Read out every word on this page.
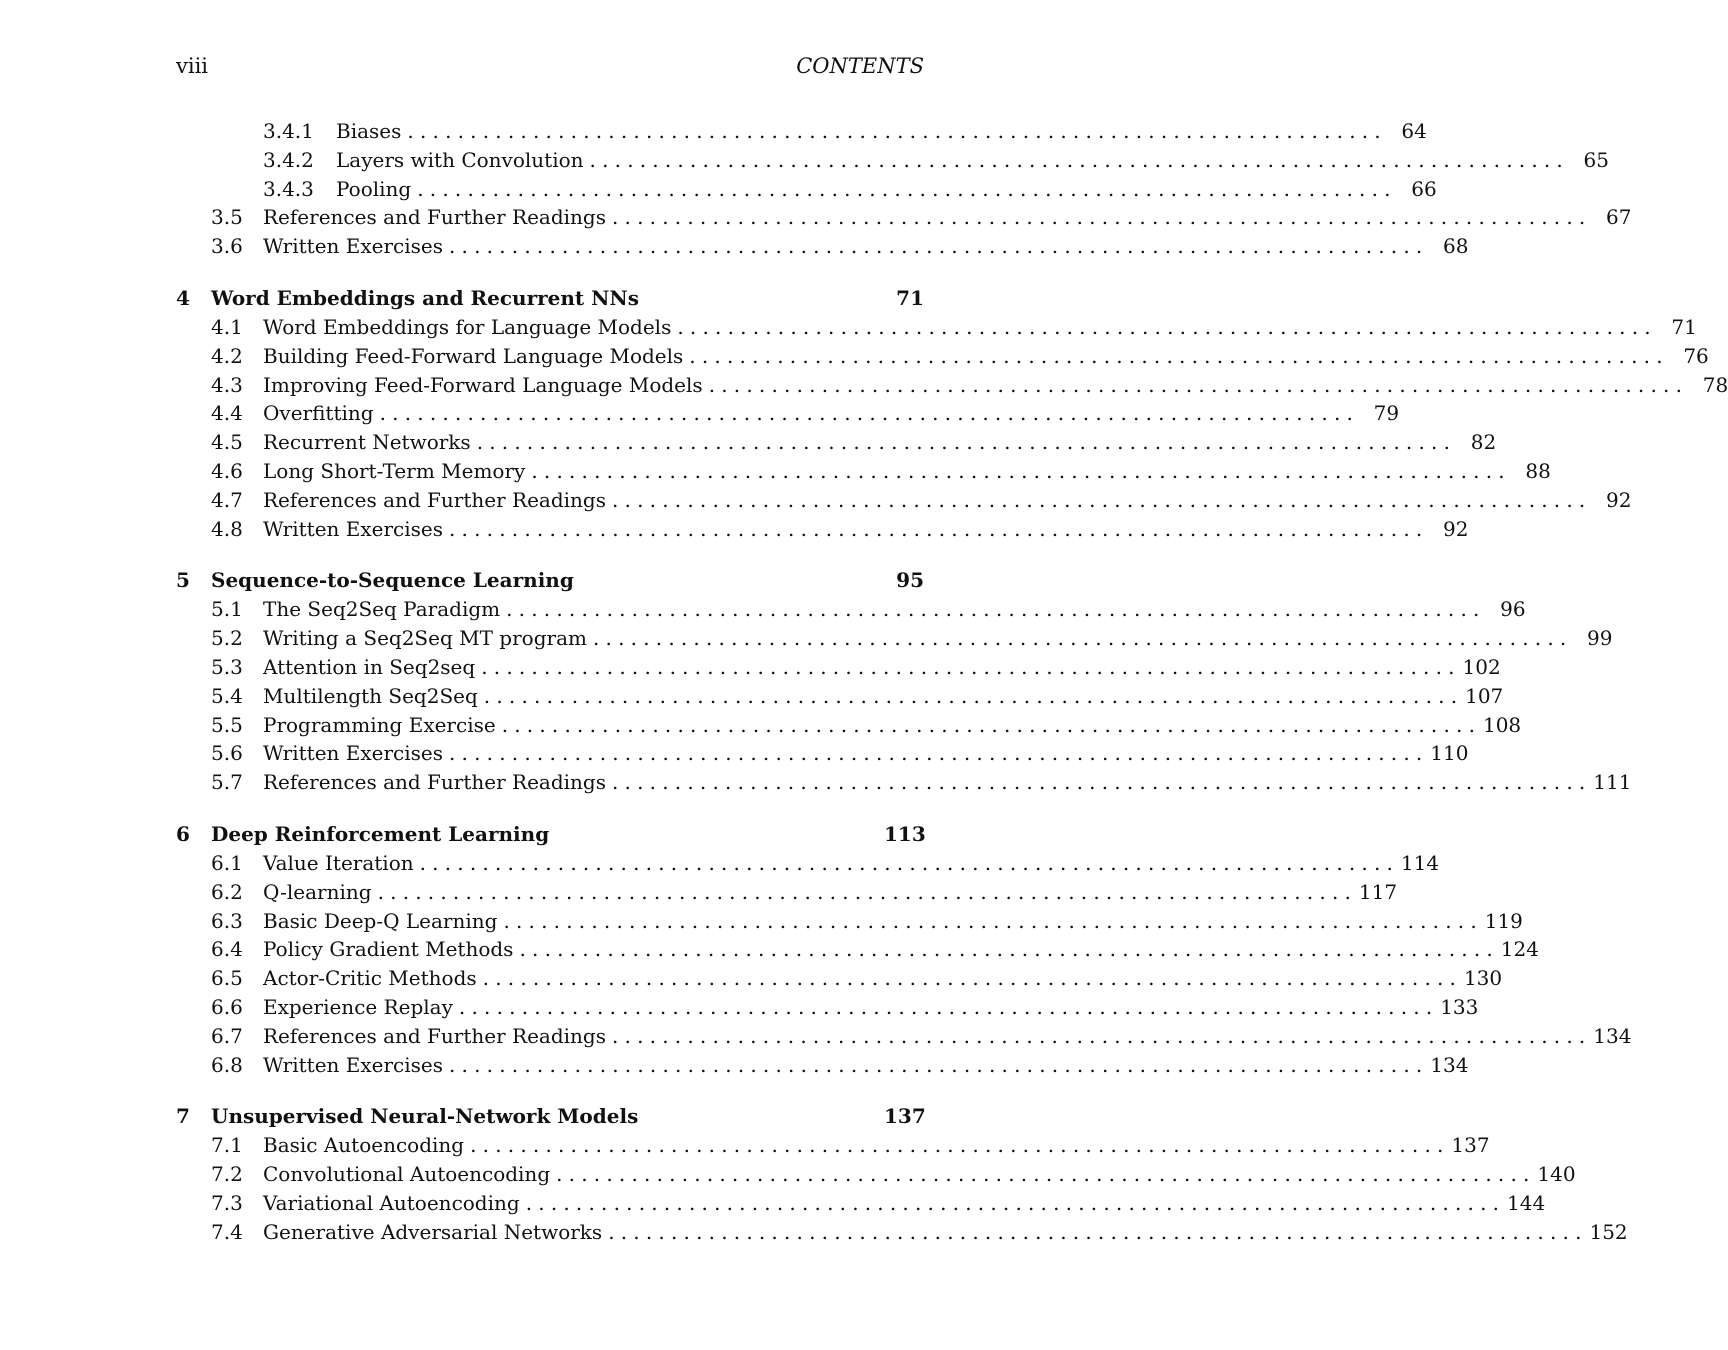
viii	CONTENTS
3.4.1 Biases .............................................................................. 64
3.4.2 Layers with Convolution .............................................................................. 65
3.4.3 Pooling .............................................................................. 66
3.5 References and Further Readings .............................................................................. 67
3.6 Written Exercises .............................................................................. 68
4 Word Embeddings and Recurrent NNs	71
4.1 Word Embeddings for Language Models .............................................................................. 71
4.2 Building Feed-Forward Language Models .............................................................................. 76
4.3 Improving Feed-Forward Language Models .............................................................................. 78
4.4 Overfitting .............................................................................. 79
4.5 Recurrent Networks .............................................................................. 82
4.6 Long Short-Term Memory .............................................................................. 88
4.7 References and Further Readings .............................................................................. 92
4.8 Written Exercises .............................................................................. 92
5 Sequence-to-Sequence Learning	95
5.1 The Seq2Seq Paradigm .............................................................................. 96
5.2 Writing a Seq2Seq MT program .............................................................................. 99
5.3 Attention in Seq2seq .............................................................................. 102
5.4 Multilength Seq2Seq .............................................................................. 107
5.5 Programming Exercise .............................................................................. 108
5.6 Written Exercises .............................................................................. 110
5.7 References and Further Readings .............................................................................. 111
6 Deep Reinforcement Learning	113
6.1 Value Iteration .............................................................................. 114
6.2 Q-learning .............................................................................. 117
6.3 Basic Deep-Q Learning .............................................................................. 119
6.4 Policy Gradient Methods .............................................................................. 124
6.5 Actor-Critic Methods .............................................................................. 130
6.6 Experience Replay .............................................................................. 133
6.7 References and Further Readings .............................................................................. 134
6.8 Written Exercises .............................................................................. 134
7 Unsupervised Neural-Network Models	137
7.1 Basic Autoencoding .............................................................................. 137
7.2 Convolutional Autoencoding .............................................................................. 140
7.3 Variational Autoencoding .............................................................................. 144
7.4 Generative Adversarial Networks .............................................................................. 152
